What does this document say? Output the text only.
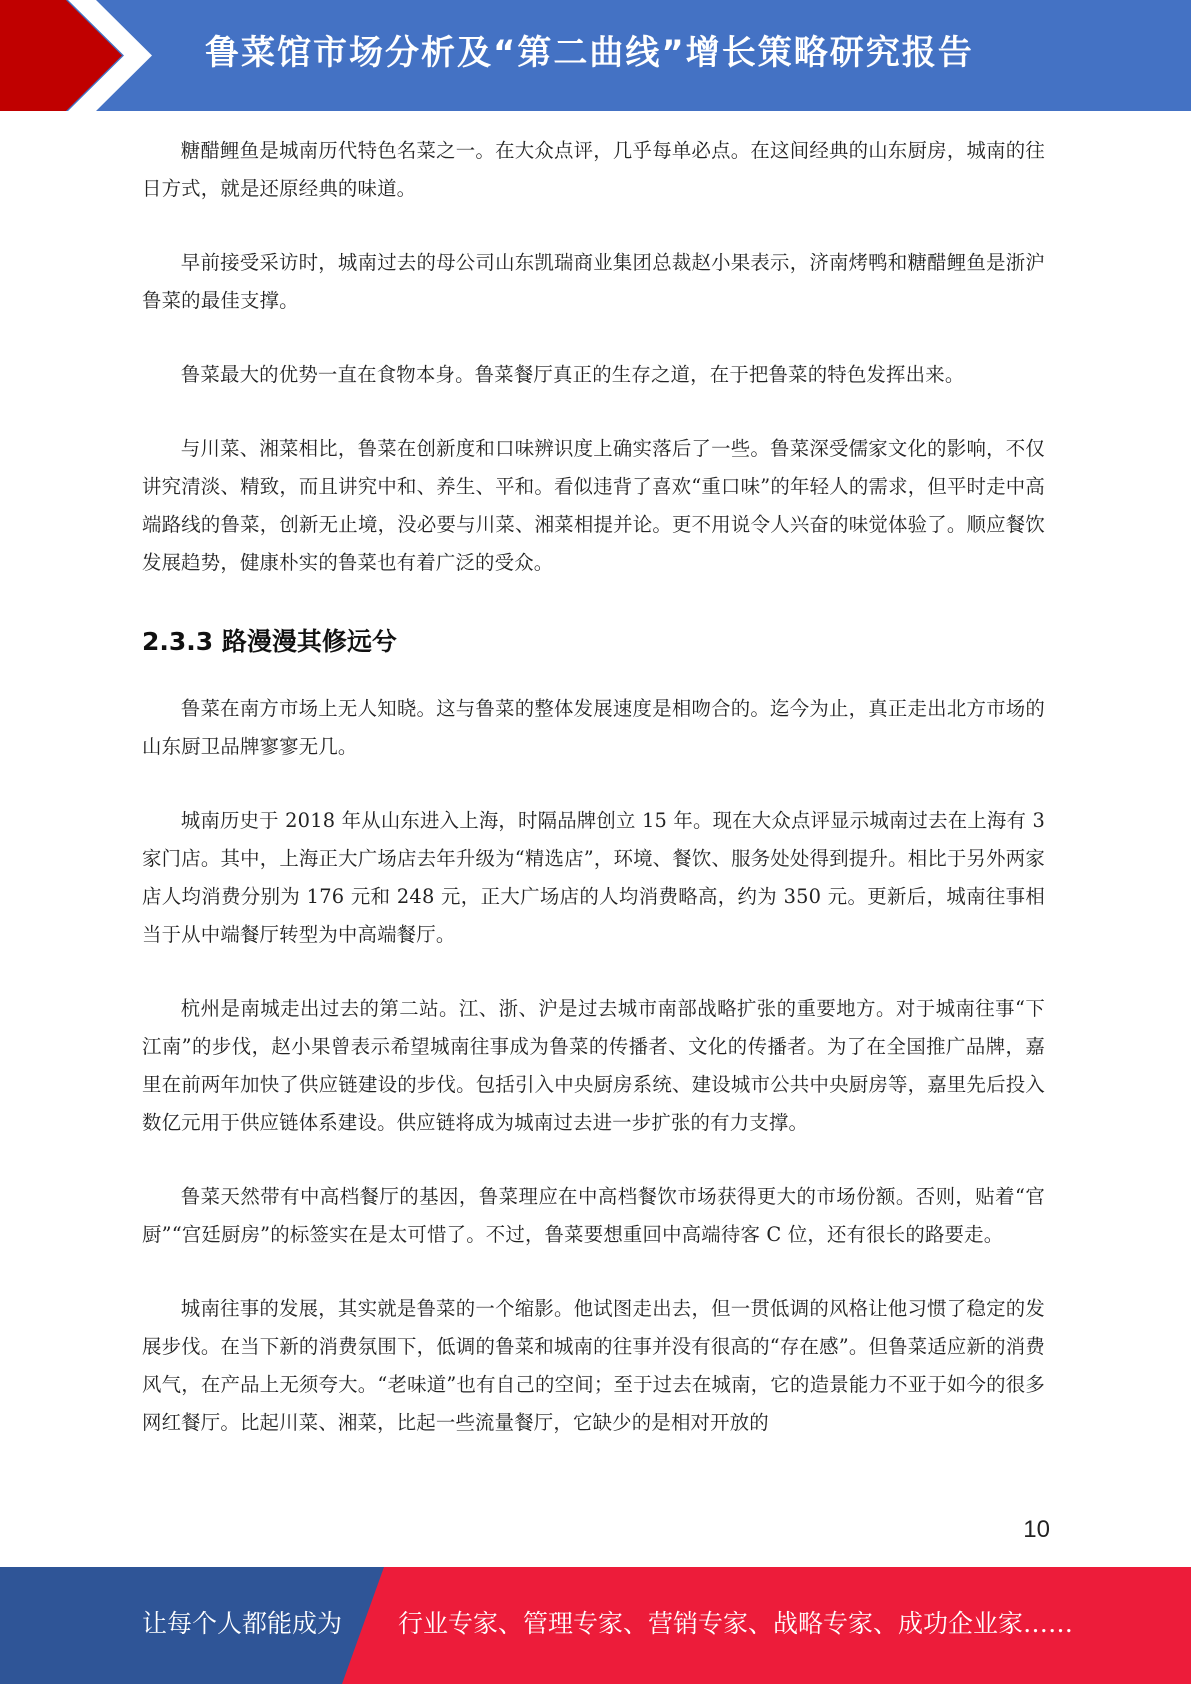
鲁菜馆市场分析及“第二曲线”增长策略研究报告

糖醋鲤鱼是城南历代特色名菜之一。在大众点评，几乎每单必点。在这间经典的山东厨房，城南的往日方式，就是还原经典的味道。

早前接受采访时，城南过去的母公司山东凯瑞商业集团总裁赵小果表示，济南烤鸭和糖醋鲤鱼是浙沪鲁菜的最佳支撑。

鲁菜最大的优势一直在食物本身。鲁菜餐厅真正的生存之道，在于把鲁菜的特色发挥出来。

与川菜、湘菜相比，鲁菜在创新度和口味辨识度上确实落后了一些。鲁菜深受儒家文化的影响，不仅讲究清淡、精致，而且讲究中和、养生、平和。看似违背了喜欢“重口味”的年轻人的需求，但平时走中高端路线的鲁菜，创新无止境，没必要与川菜、湘菜相提并论。更不用说令人兴奋的味觉体验了。顺应餐饮发展趋势，健康朴实的鲁菜也有着广泛的受众。

2.3.3 路漫漫其修远兮

鲁菜在南方市场上无人知晓。这与鲁菜的整体发展速度是相吻合的。迄今为止，真正走出北方市场的山东厨卫品牌寥寥无几。

城南历史于 2018 年从山东进入上海，时隔品牌创立 15 年。现在大众点评显示城南过去在上海有 3 家门店。其中，上海正大广场店去年升级为“精选店”，环境、餐饮、服务处处得到提升。相比于另外两家店人均消费分别为 176 元和 248 元，正大广场店的人均消费略高，约为 350 元。更新后，城南往事相当于从中端餐厅转型为中高端餐厅。

杭州是南城走出过去的第二站。江、浙、沪是过去城市南部战略扩张的重要地方。对于城南往事“下江南”的步伐，赵小果曾表示希望城南往事成为鲁菜的传播者、文化的传播者。为了在全国推广品牌，嘉里在前两年加快了供应链建设的步伐。包括引入中央厨房系统、建设城市公共中央厨房等，嘉里先后投入数亿元用于供应链体系建设。供应链将成为城南过去进一步扩张的有力支撑。

鲁菜天然带有中高档餐厅的基因，鲁菜理应在中高档餐饮市场获得更大的市场份额。否则，贴着“官厨”“宫廷厨房”的标签实在是太可惜了。不过，鲁菜要想重回中高端待客 C 位，还有很长的路要走。

城南往事的发展，其实就是鲁菜的一个缩影。他试图走出去，但一贯低调的风格让他习惯了稳定的发展步伐。在当下新的消费氛围下，低调的鲁菜和城南的往事并没有很高的“存在感”。但鲁菜适应新的消费风气，在产品上无须夸大。“老味道”也有自己的空间；至于过去在城南，它的造景能力不亚于如今的很多网红餐厅。比起川菜、湘菜，比起一些流量餐厅，它缺少的是相对开放的

10
让每个人都能成为 行业专家、管理专家、营销专家、战略专家、成功企业家……
